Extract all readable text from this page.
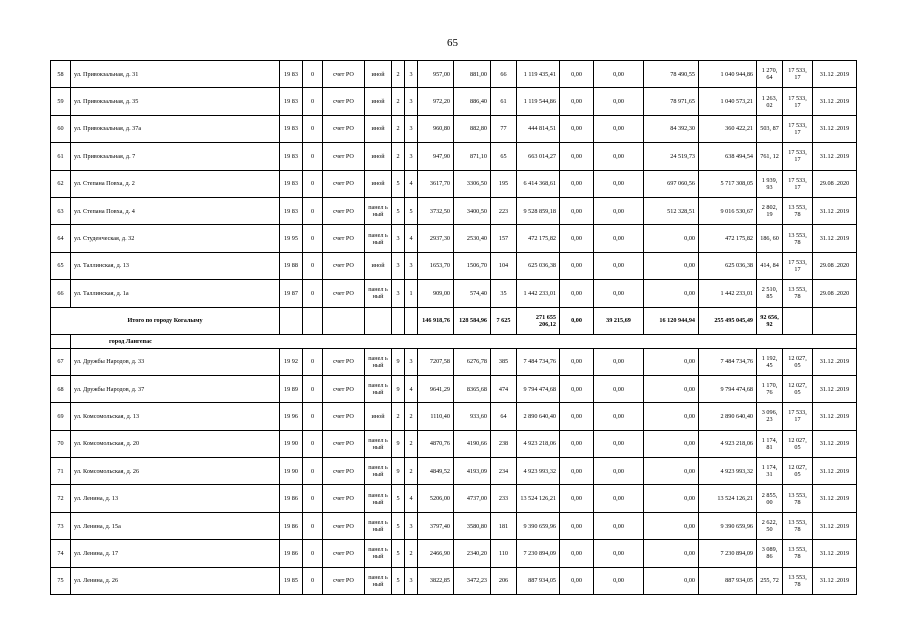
65
58	ул. Привокзальная, д. 31	19 83	0	счет РО	иной	2	3	957,00	881,00	66	1 119 435,41	0,00	0,00	78 490,55	1 040 944,86	1 270, 64	17 533, 17	31.12 .2019
59	ул. Привокзальная, д. 35	19 83	0	счет РО	иной	2	3	972,20	886,40	61	1 119 544,86	0,00	0,00	78 971,65	1 040 573,21	1 263, 02	17 533, 17	31.12 .2019
60	ул. Привокзальная, д. 37а	19 83	0	счет РО	иной	2	3	960,80	882,80	77	444 814,51	0,00	0,00	84 392,30	360 422,21	503, 87	17 533, 17	31.12 .2019
61	ул. Привокзальная, д. 7	19 83	0	счет РО	иной	2	3	947,90	871,10	65	663 014,27	0,00	0,00	24 519,73	638 494,54	761, 12	17 533, 17	31.12 .2019
62	ул. Степана Повха, д. 2	19 83	0	счет РО	иной	5	4	3617,70	3306,50	195	6 414 368,61	0,00	0,00	697 060,56	5 717 308,05	1 939, 93	17 533, 17	29.08 .2020
63	ул. Степана Повха, д. 4	19 83	0	счет РО	панел ьный	5	5	3732,50	3400,50	223	9 528 859,18	0,00	0,00	512 328,51	9 016 530,67	2 802, 19	13 553, 78	31.12 .2019
64	ул. Студенческая, д. 32	19 95	0	счет РО	панел ьный	3	4	2937,30	2530,40	157	472 175,82	0,00	0,00	0,00	472 175,82	186, 60	13 553, 78	31.12 .2019
65	ул. Таллинская, д. 13	19 88	0	счет РО	иной	3	3	1653,70	1506,70	104	625 036,38	0,00	0,00	0,00	625 036,38	414, 84	17 533, 17	29.08 .2020
66	ул. Таллинская, д. 1а	19 87	0	счет РО	панел ьный	3	1	909,00	574,40	35	1 442 233,01	0,00	0,00	0,00	1 442 233,01	2 510, 85	13 553, 78	29.08 .2020
Итого по городу Когалыму								146 918,76	128 584,96	7 625	271 655 206,12	0,00	39 215,69	16 120 944,94	255 495 045,49	92 656, 92		
	город Лангепас																	
67	ул. Дружбы Народов, д. 33	19 92	0	счет РО	панел ьный	9	3	7207,58	6276,78	385	7 484 734,76	0,00	0,00	0,00	7 484 734,76	1 192, 45	12 027, 05	31.12 .2019
68	ул. Дружбы Народов, д. 37	19 89	0	счет РО	панел ьный	9	4	9641,29	8365,68	474	9 794 474,68	0,00	0,00	0,00	9 794 474,68	1 170, 76	12 027, 05	31.12 .2019
69	ул. Комсомольская, д. 13	19 96	0	счет РО	иной	2	2	1110,40	933,60	64	2 890 640,40	0,00	0,00	0,00	2 890 640,40	3 096, 23	17 533, 17	31.12 .2019
70	ул. Комсомольская, д. 20	19 90	0	счет РО	панел ьный	9	2	4870,76	4190,66	238	4 923 218,06	0,00	0,00	0,00	4 923 218,06	1 174, 81	12 027, 05	31.12 .2019
71	ул. Комсомольская, д. 26	19 90	0	счет РО	панел ьный	9	2	4849,52	4193,09	234	4 923 993,32	0,00	0,00	0,00	4 923 993,32	1 174, 31	12 027, 05	31.12 .2019
72	ул. Ленина, д. 13	19 86	0	счет РО	панел ьный	5	4	5206,00	4737,00	233	13 524 126,21	0,00	0,00	0,00	13 524 126,21	2 855, 00	13 553, 78	31.12 .2019
73	ул. Ленина, д. 15а	19 86	0	счет РО	панел ьный	5	3	3797,40	3580,80	181	9 390 659,96	0,00	0,00	0,00	9 390 659,96	2 622, 50	13 553, 78	31.12 .2019
74	ул. Ленина, д. 17	19 86	0	счет РО	панел ьный	5	2	2466,90	2340,20	110	7 230 894,09	0,00	0,00	0,00	7 230 894,09	3 089, 86	13 553, 78	31.12 .2019
75	ул. Ленина, д. 26	19 85	0	счет РО	панел ьный	5	3	3822,85	3472,23	206	887 934,05	0,00	0,00	0,00	887 934,05	255, 72	13 553, 78	31.12 .2019
